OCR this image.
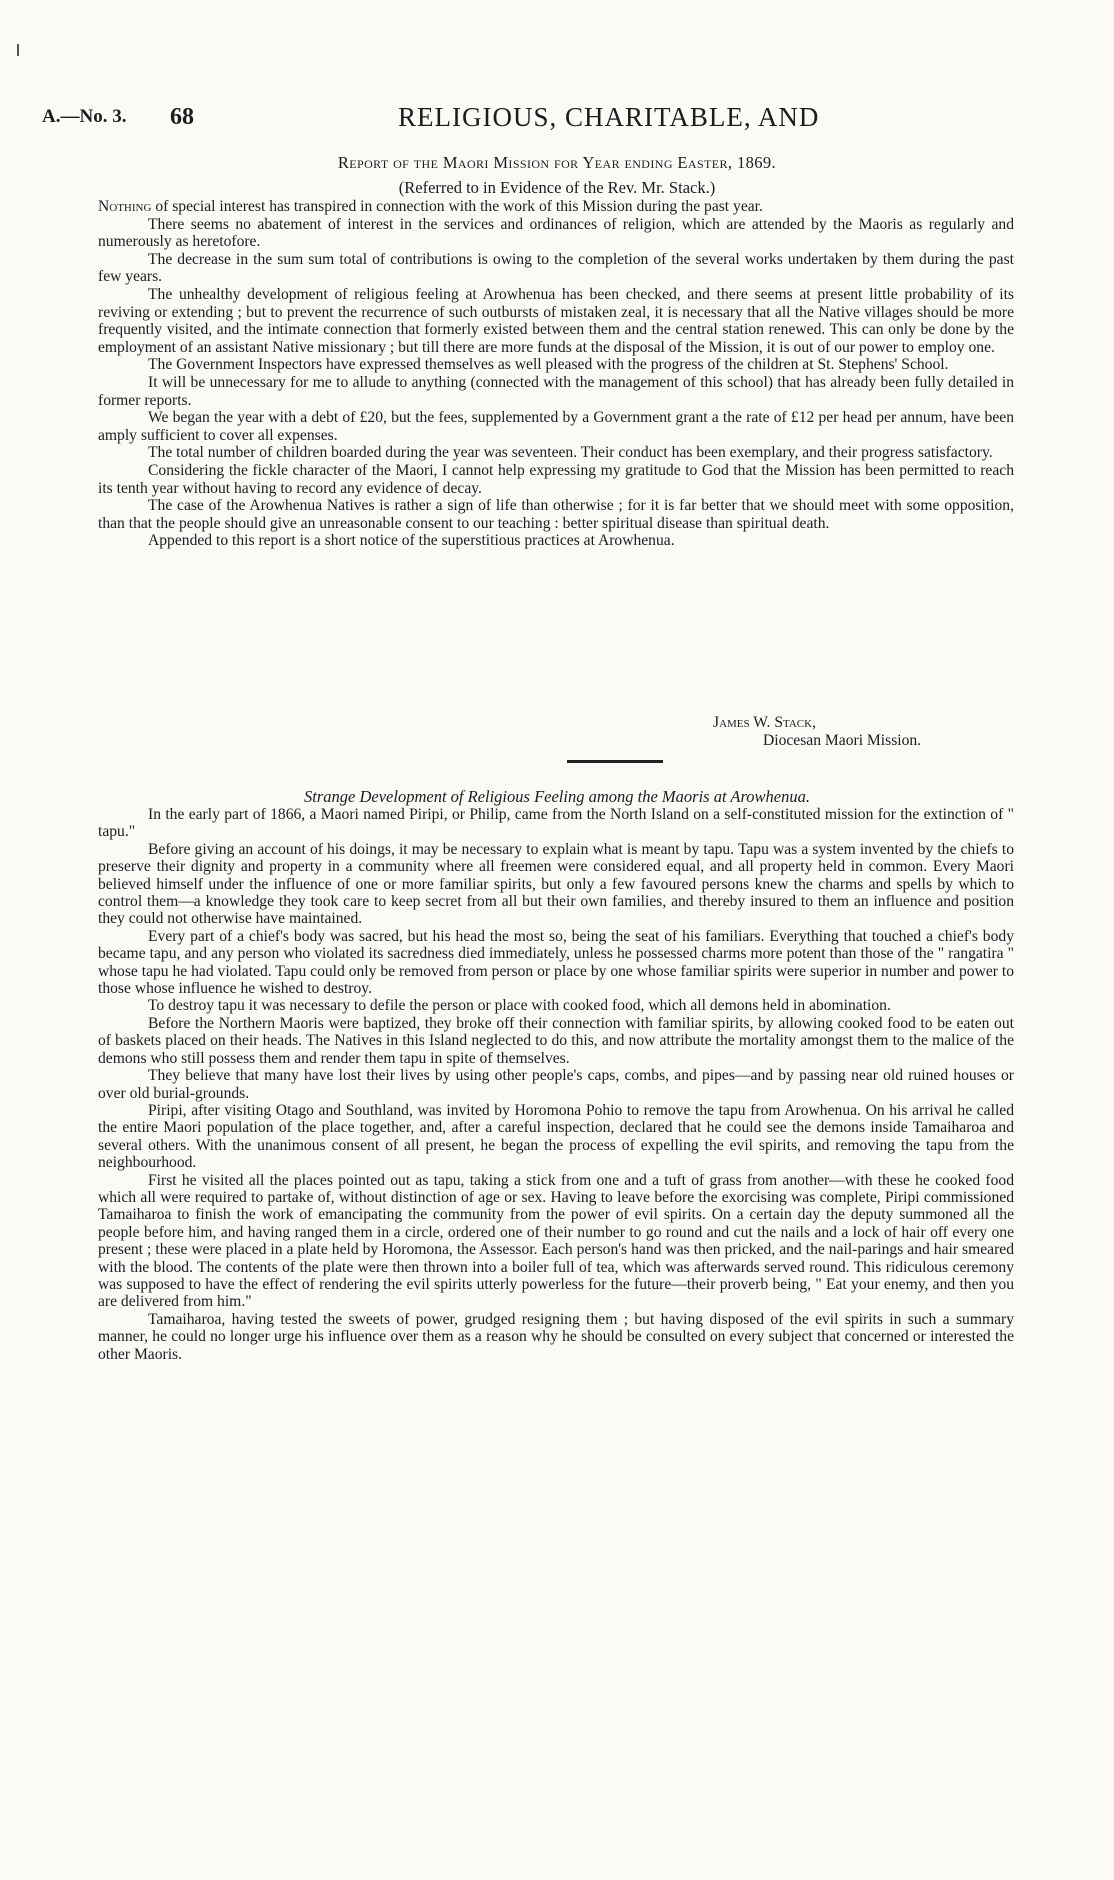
A.—No. 3. 68	RELIGIOUS, CHARITABLE, AND
Report of the Maori Mission for Year ending Easter, 1869.
(Referred to in Evidence of the Rev. Mr. Stack.)

Nothing of special interest has transpired in connection with the work of this Mission during the past year.

There seems no abatement of interest in the services and ordinances of religion, which are attended by the Maoris as regularly and numerously as heretofore.

The decrease in the sum sum total of contributions is owing to the completion of the several works undertaken by them during the past few years.

The unhealthy development of religious feeling at Arowhenua has been checked, and there seems at present little probability of its reviving or extending ; but to prevent the recurrence of such outbursts of mistaken zeal, it is necessary that all the Native villages should be more frequently visited, and the intimate connection that formerly existed between them and the central station renewed. This can only be done by the employment of an assistant Native missionary ; but till there are more funds at the disposal of the Mission, it is out of our power to employ one.

The Government Inspectors have expressed themselves as well pleased with the progress of the children at St. Stephens' School.

It will be unnecessary for me to allude to anything (connected with the management of this school) that has already been fully detailed in former reports.

We began the year with a debt of £20, but the fees, supplemented by a Government grant a the rate of £12 per head per annum, have been amply sufficient to cover all expenses.

The total number of children boarded during the year was seventeen. Their conduct has been exemplary, and their progress satisfactory.

Considering the fickle character of the Maori, I cannot help expressing my gratitude to God that the Mission has been permitted to reach its tenth year without having to record any evidence of decay.

The case of the Arowhenua Natives is rather a sign of life than otherwise ; for it is far better that we should meet with some opposition, than that the people should give an unreasonable consent to our teaching : better spiritual disease than spiritual death.

Appended to this report is a short notice of the superstitious practices at Arowhenua.

James W. Stack,
Diocesan Maori Mission.
Strange Development of Religious Feeling among the Maoris at Arowhenua.

In the early part of 1866, a Maori named Piripi, or Philip, came from the North Island on a self-constituted mission for the extinction of " tapu."

Before giving an account of his doings, it may be necessary to explain what is meant by tapu. Tapu was a system invented by the chiefs to preserve their dignity and property in a community where all freemen were considered equal, and all property held in common. Every Maori believed himself under the influence of one or more familiar spirits, but only a few favoured persons knew the charms and spells by which to control them—a knowledge they took care to keep secret from all but their own families, and thereby insured to them an influence and position they could not otherwise have maintained.

Every part of a chief's body was sacred, but his head the most so, being the seat of his familiars. Everything that touched a chief's body became tapu, and any person who violated its sacredness died immediately, unless he possessed charms more potent than those of the " rangatira " whose tapu he had violated. Tapu could only be removed from person or place by one whose familiar spirits were superior in number and power to those whose influence he wished to destroy.

To destroy tapu it was necessary to defile the person or place with cooked food, which all demons held in abomination.

Before the Northern Maoris were baptized, they broke off their connection with familiar spirits, by allowing cooked food to be eaten out of baskets placed on their heads. The Natives in this Island neglected to do this, and now attribute the mortality amongst them to the malice of the demons who still possess them and render them tapu in spite of themselves.

They believe that many have lost their lives by using other people's caps, combs, and pipes—and by passing near old ruined houses or over old burial-grounds.

Piripi, after visiting Otago and Southland, was invited by Horomona Pohio to remove the tapu from Arowhenua. On his arrival he called the entire Maori population of the place together, and, after a careful inspection, declared that he could see the demons inside Tamaiharoa and several others. With the unanimous consent of all present, he began the process of expelling the evil spirits, and removing the tapu from the neighbourhood.

First he visited all the places pointed out as tapu, taking a stick from one and a tuft of grass from another—with these he cooked food which all were required to partake of, without distinction of age or sex. Having to leave before the exorcising was complete, Piripi commissioned Tamaiharoa to finish the work of emancipating the community from the power of evil spirits. On a certain day the deputy summoned all the people before him, and having ranged them in a circle, ordered one of their number to go round and cut the nails and a lock of hair off every one present ; these were placed in a plate held by Horomona, the Assessor. Each person's hand was then pricked, and the nail-parings and hair smeared with the blood. The contents of the plate were then thrown into a boiler full of tea, which was afterwards served round. This ridiculous ceremony was supposed to have the effect of rendering the evil spirits utterly powerless for the future—their proverb being, " Eat your enemy, and then you are delivered from him."

Tamaiharoa, having tested the sweets of power, grudged resigning them ; but having disposed of the evil spirits in such a summary manner, he could no longer urge his influence over them as a reason why he should be consulted on every subject that concerned or interested the other Maoris.
